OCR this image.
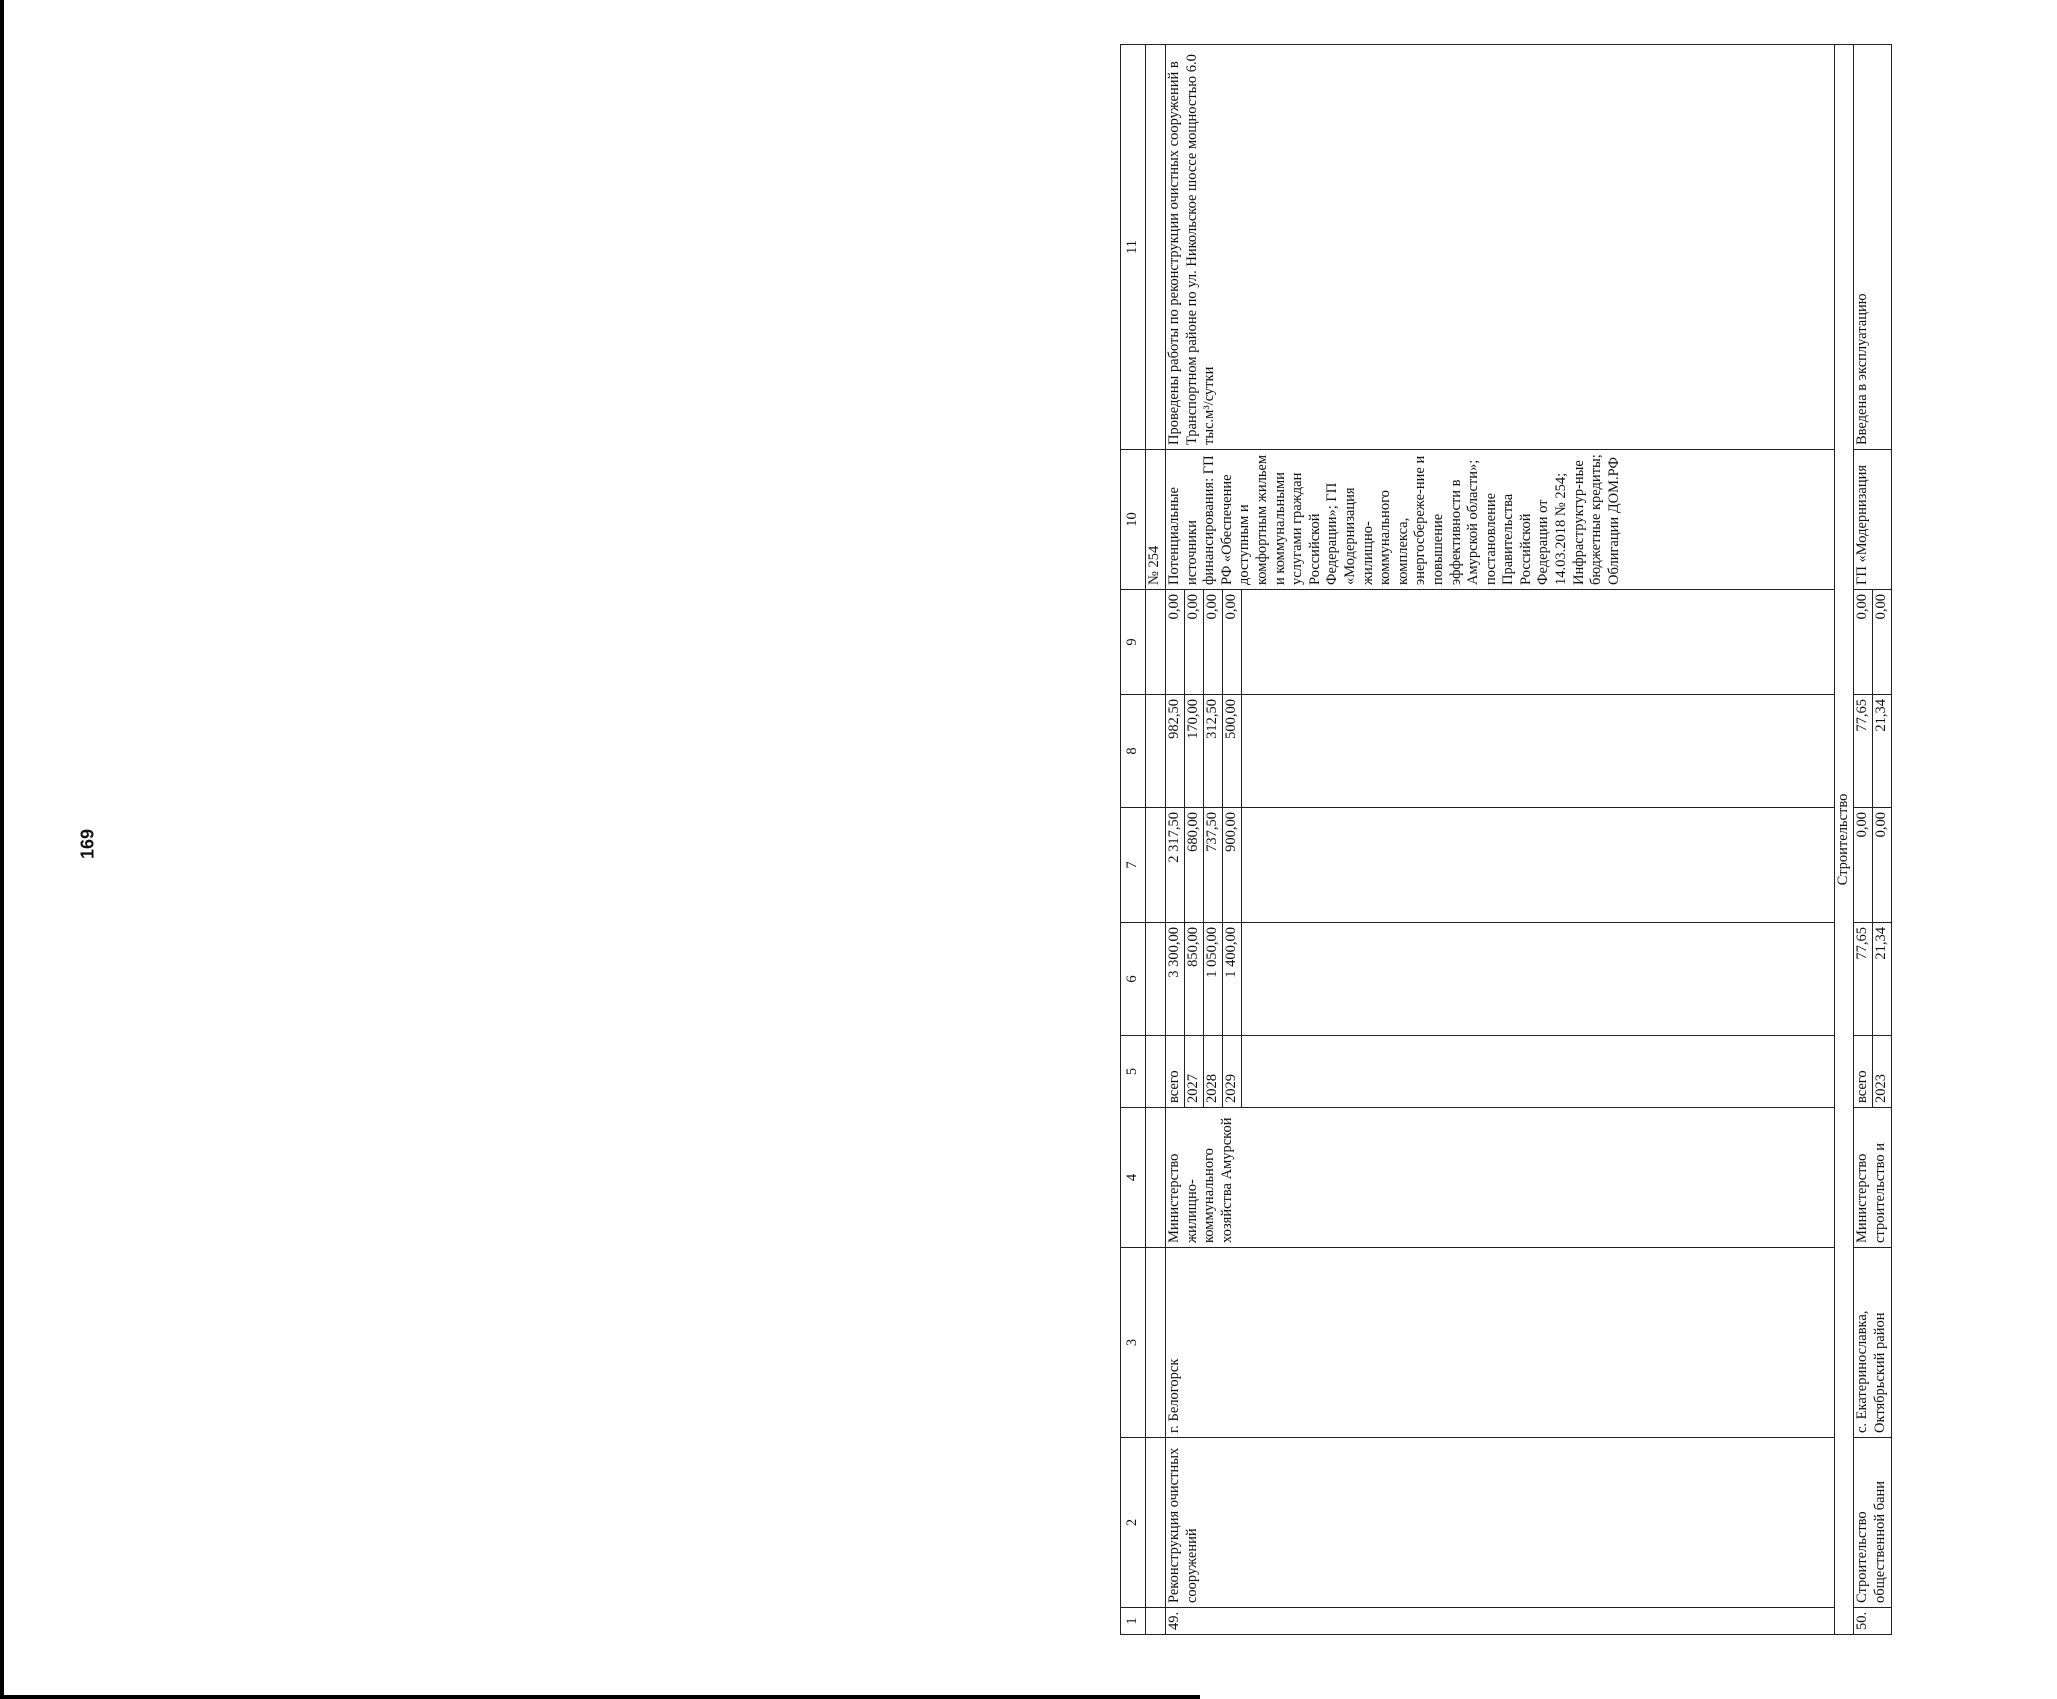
169
1	2	3	4	5	6	7	8	9	10	11
									№ 254	
49.	Реконструкция очистных сооружений	г. Белогорск	Министерство жилищно-коммунального хозяйства Амурской	всего	3 300,00	2 317,50	982,50	0,00	Потенциальные источники финансирования: ГП РФ «Обеспечение доступным и комфортным жильем и коммунальными услугами граждан Российской Федерации»; ГП «Модернизация жилищно-коммунального комплекса, энергосбереже-ние и повышение эффективности в Амурской области»; постановление Правительства Российской Федерации от 14.03.2018 № 254; Инфраструктур-ные бюджетные кредиты; Облигации ДОМ.РФ	Проведены работы по реконструкции очистных сооружений в Транспортном районе по ул. Никольское шоссе мощностью 6.0 тыс.м³/сутки
				2027	850,00	680,00	170,00	0,00		
				2028	1 050,00	737,50	312,50	0,00		
				2029	1 400,00	900,00	500,00	0,00		

Строительство										
50.	Строительство общественной бани	с. Екатеринославка, Октябрьский район	Министерство строительство и	всего	77,65	0,00	77,65	0,00	ГП «Модернизация	Введена в эксплуатацию
				2023	21,34	0,00	21,34	0,00		
